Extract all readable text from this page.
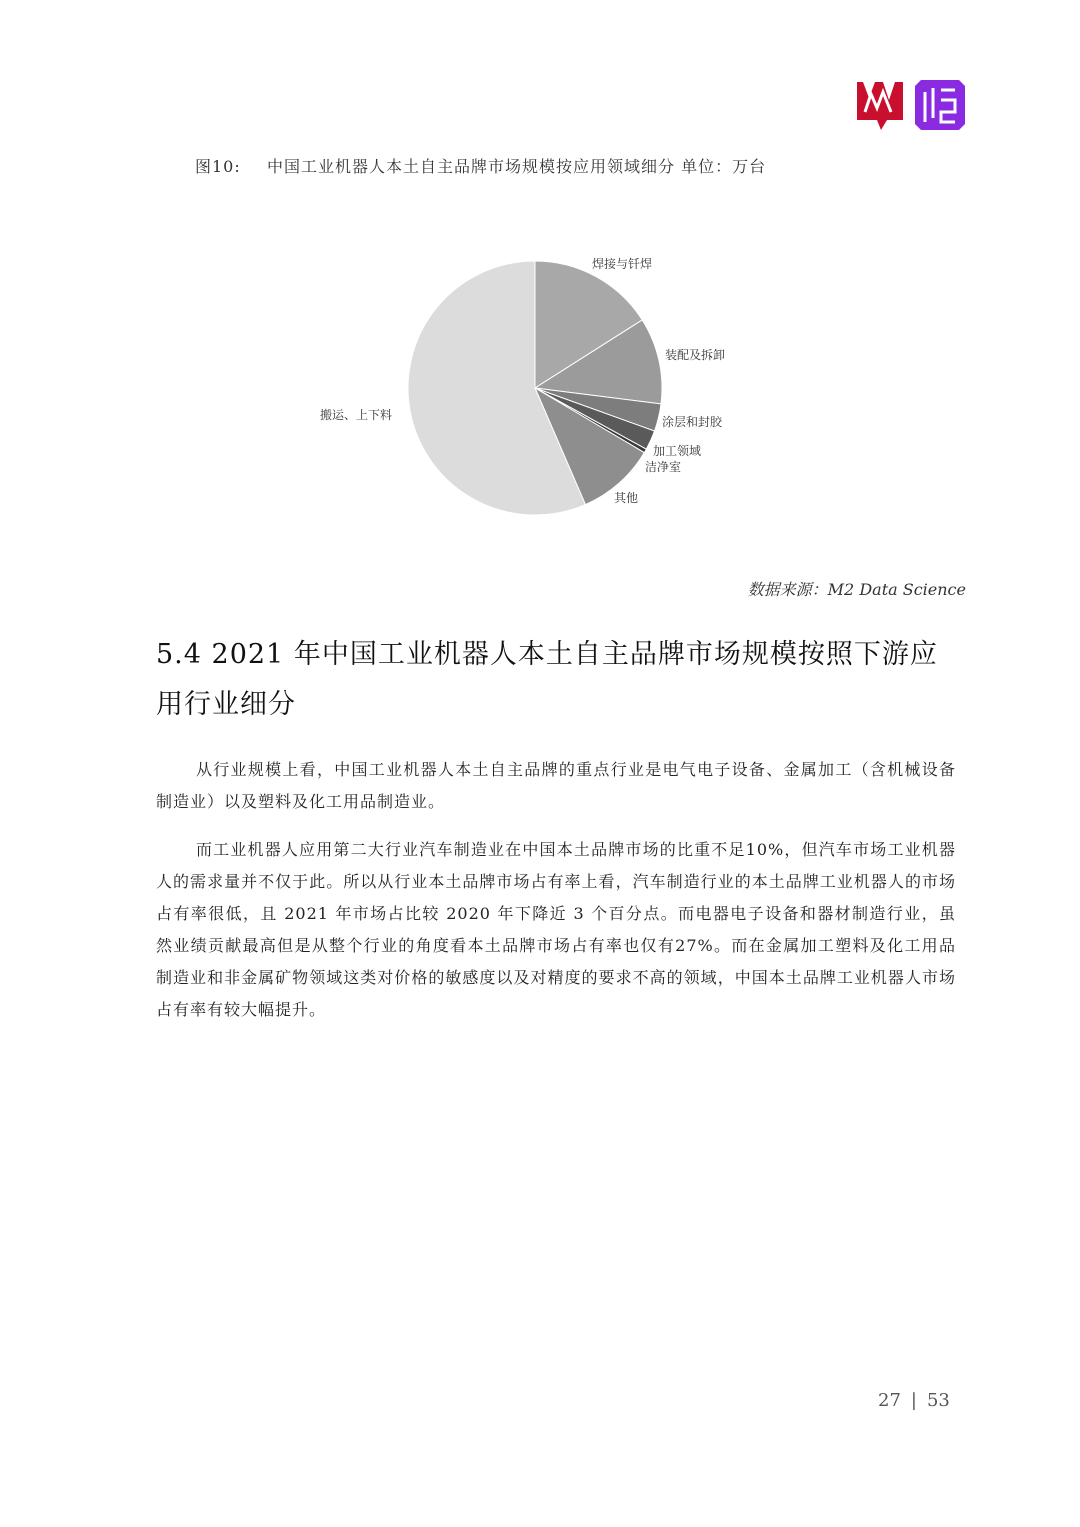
图10: 中国工业机器人本土自主品牌市场规模按应用领域细分 单位：万台
焊接与钎焊
装配及拆卸
涂层和封胶
加工领域
洁净室
其他
搬运、上下料
数据来源：M2 Data Science
5.4 2021 年中国工业机器人本土自主品牌市场规模按照下游应用行业细分

从行业规模上看，中国工业机器人本土自主品牌的重点行业是电气电子设备、金属加工（含机械设备制造业）以及塑料及化工用品制造业。

而工业机器人应用第二大行业汽车制造业在中国本土品牌市场的比重不足10%，但汽车市场工业机器人的需求量并不仅于此。所以从行业本土品牌市场占有率上看，汽车制造行业的本土品牌工业机器人的市场占有率很低，且 2021 年市场占比较 2020 年下降近 3 个百分点。而电器电子设备和器材制造行业，虽然业绩贡献最高但是从整个行业的角度看本土品牌市场占有率也仅有27%。而在金属加工塑料及化工用品制造业和非金属矿物领域这类对价格的敏感度以及对精度的要求不高的领域，中国本土品牌工业机器人市场占有率有较大幅提升。

27 | 53
